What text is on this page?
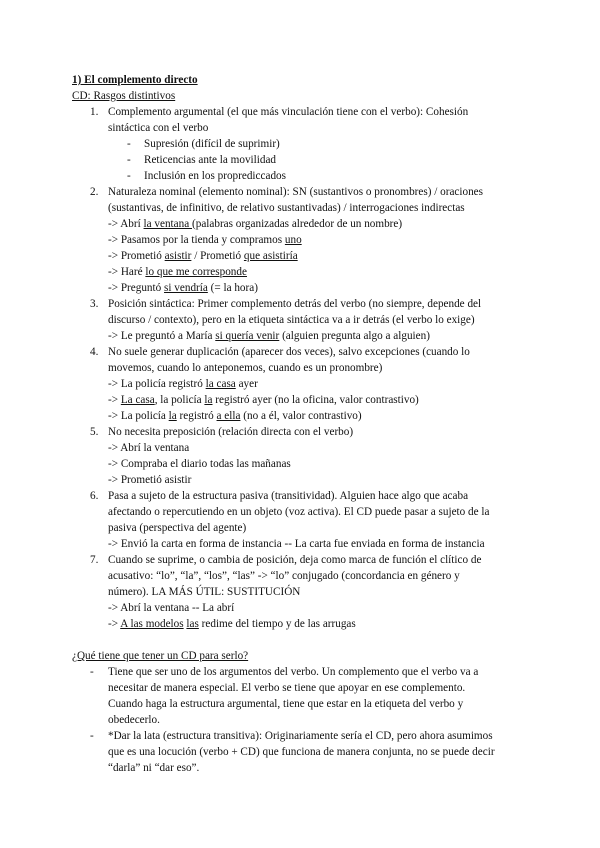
1) El complemento directo
CD: Rasgos distintivos
1. Complemento argumental (el que más vinculación tiene con el verbo): Cohesión
sintáctica con el verbo
- Supresión (difícil de suprimir)
- Reticencias ante la movilidad
- Inclusión en los proprediccados
2. Naturaleza nominal (elemento nominal): SN (sustantivos o pronombres) / oraciones
(sustantivas, de infinitivo, de relativo sustantivadas) / interrogaciones indirectas
-> Abrí la ventana (palabras organizadas alrededor de un nombre)
-> Pasamos por la tienda y compramos uno
-> Prometió asistir / Prometió que asistiría
-> Haré lo que me corresponde
-> Preguntó si vendría (= la hora)
3. Posición sintáctica: Primer complemento detrás del verbo (no siempre, depende del
discurso / contexto), pero en la etiqueta sintáctica va a ir detrás (el verbo lo exige)
-> Le preguntó a María si quería venir (alguien pregunta algo a alguien)
4. No suele generar duplicación (aparecer dos veces), salvo excepciones (cuando lo
movemos, cuando lo anteponemos, cuando es un pronombre)
-> La policía registró la casa ayer
-> La casa, la policía la registró ayer (no la oficina, valor contrastivo)
-> La policía la registró a ella (no a él, valor contrastivo)
5. No necesita preposición (relación directa con el verbo)
-> Abrí la ventana
-> Compraba el diario todas las mañanas
-> Prometió asistir
6. Pasa a sujeto de la estructura pasiva (transitividad). Alguien hace algo que acaba
afectando o repercutiendo en un objeto (voz activa). El CD puede pasar a sujeto de la
pasiva (perspectiva del agente)
-> Envió la carta en forma de instancia -- La carta fue enviada en forma de instancia
7. Cuando se suprime, o cambia de posición, deja como marca de función el clítico de
acusativo: “lo”, “la”, “los”, “las” -> “lo” conjugado (concordancia en género y
número). LA MÁS ÚTIL: SUSTITUCIÓN
-> Abrí la ventana -- La abrí
-> A las modelos las redime del tiempo y de las arrugas
¿Qué tiene que tener un CD para serlo?
- Tiene que ser uno de los argumentos del verbo. Un complemento que el verbo va a
necesitar de manera especial. El verbo se tiene que apoyar en ese complemento.
Cuando haga la estructura argumental, tiene que estar en la etiqueta del verbo y
obedecerlo.
- *Dar la lata (estructura transitiva): Originariamente sería el CD, pero ahora asumimos
que es una locución (verbo + CD) que funciona de manera conjunta, no se puede decir
“darla” ni “dar eso”.
